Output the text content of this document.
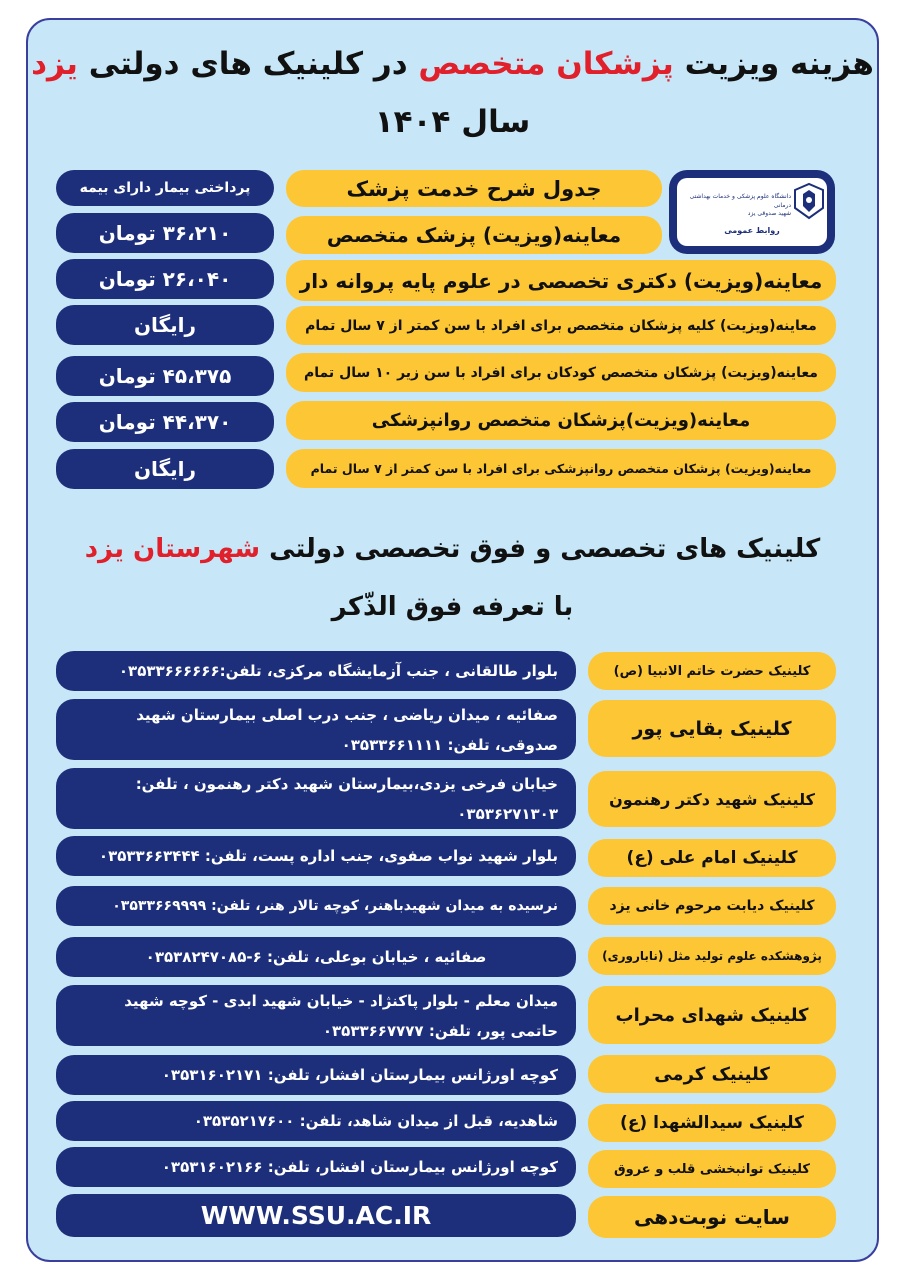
هزینه ویزیت پزشکان متخصص در کلینیک های دولتی یزد
سال ۱۴۰۴
دانشگاه علوم پزشکی و خدمات بهداشتی درمانی
شهید صدوقی یزد
روابط عمومی
جدول شرح خدمت پزشک
پرداختی بیمار دارای بیمه
معاینه(ویزیت) پزشک متخصص
۳۶،۲۱۰ تومان
معاینه(ویزیت) دکتری تخصصی در علوم پایه پروانه دار
۲۶،۰۴۰ تومان
معاینه(ویزیت) کلیه پزشکان متخصص برای افراد با سن کمتر از ۷ سال تمام
رایگان
معاینه(ویزیت) پزشکان متخصص کودکان برای افراد با سن زیر ۱۰ سال تمام
۴۵،۳۷۵ تومان
معاینه(ویزیت)پزشکان متخصص روانپزشکی
۴۴،۳۷۰ تومان
معاینه(ویزیت) پزشکان متخصص روانپزشکی برای افراد با سن کمتر از ۷ سال تمام
رایگان
کلینیک های تخصصی و فوق تخصصی دولتی شهرستان یزد
با تعرفه فوق الذّکر
کلینیک حضرت خاتم الانبیا (ص)
بلوار طالقانی ، جنب آزمایشگاه مرکزی، تلفن:۰۳۵۳۳۶۶۶۶۶۶
کلینیک بقایی پور
صفائیه ، میدان ریاضی ، جنب درب اصلی بیمارستان شهید صدوقی، تلفن: ۰۳۵۳۳۶۶۱۱۱۱
کلینیک شهید دکتر رهنمون
خیابان فرخی یزدی،بیمارستان شهید دکتر رهنمون ، تلفن: ۰۳۵۳۶۲۷۱۳۰۳
کلینیک امام علی (ع)
بلوار شهید نواب صفوی، جنب اداره پست، تلفن: ۰۳۵۳۳۶۶۳۴۴۴
کلینیک دیابت مرحوم خانی یزد
نرسیده به میدان شهیدباهنر، کوچه تالار هنر، تلفن: ۰۳۵۳۳۶۶۹۹۹۹
پژوهشکده علوم تولید مثل (ناباروری)
صفائیه ، خیابان بوعلی، تلفن: ۶-۰۳۵۳۸۲۴۷۰۸۵
کلینیک شهدای محراب
میدان معلم - بلوار پاکنژاد - خیابان شهید ابدی - کوچه شهید حاتمی پور، تلفن: ۰۳۵۳۳۶۶۷۷۷۷
کلینیک کرمی
کوچه اورژانس بیمارستان افشار، تلفن: ۰۳۵۳۱۶۰۲۱۷۱
کلینیک سیدالشهدا (ع)
شاهدیه، قبل از میدان شاهد، تلفن: ۰۳۵۳۵۲۱۷۶۰۰
کلینیک توانبخشی قلب و عروق
کوچه اورژانس بیمارستان افشار، تلفن: ۰۳۵۳۱۶۰۲۱۶۶
سایت نوبت‌دهی
WWW.SSU.AC.IR
